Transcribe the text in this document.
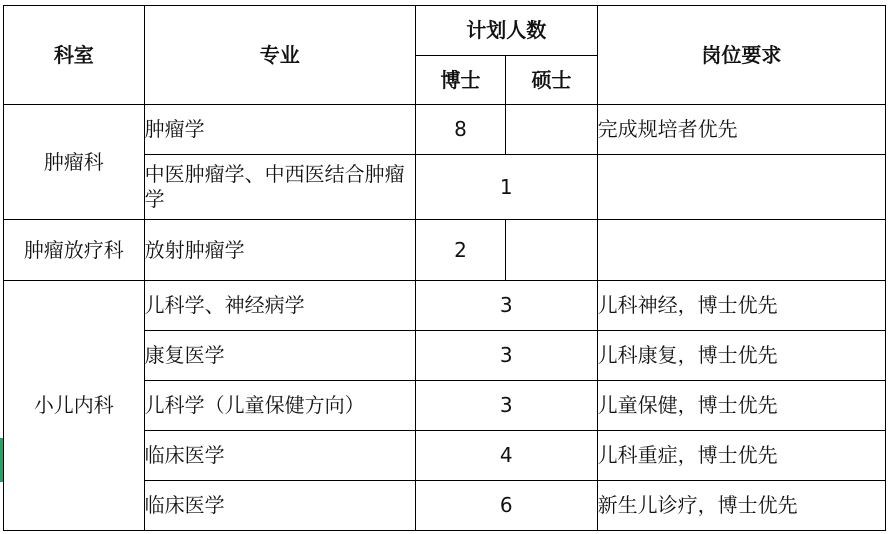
科室	专业	计划人数		岗位要求
		博士	硕士	
肿瘤科	肿瘤学	8		完成规培者优先
	中医肿瘤学、中西医结合肿瘤学	1		
肿瘤放疗科	放射肿瘤学	2		
小儿内科	儿科学、神经病学	3		儿科神经，博士优先
	康复医学	3		儿科康复，博士优先
	儿科学（儿童保健方向）	3		儿童保健，博士优先
	临床医学	4		儿科重症，博士优先
	临床医学	6		新生儿诊疗，博士优先
